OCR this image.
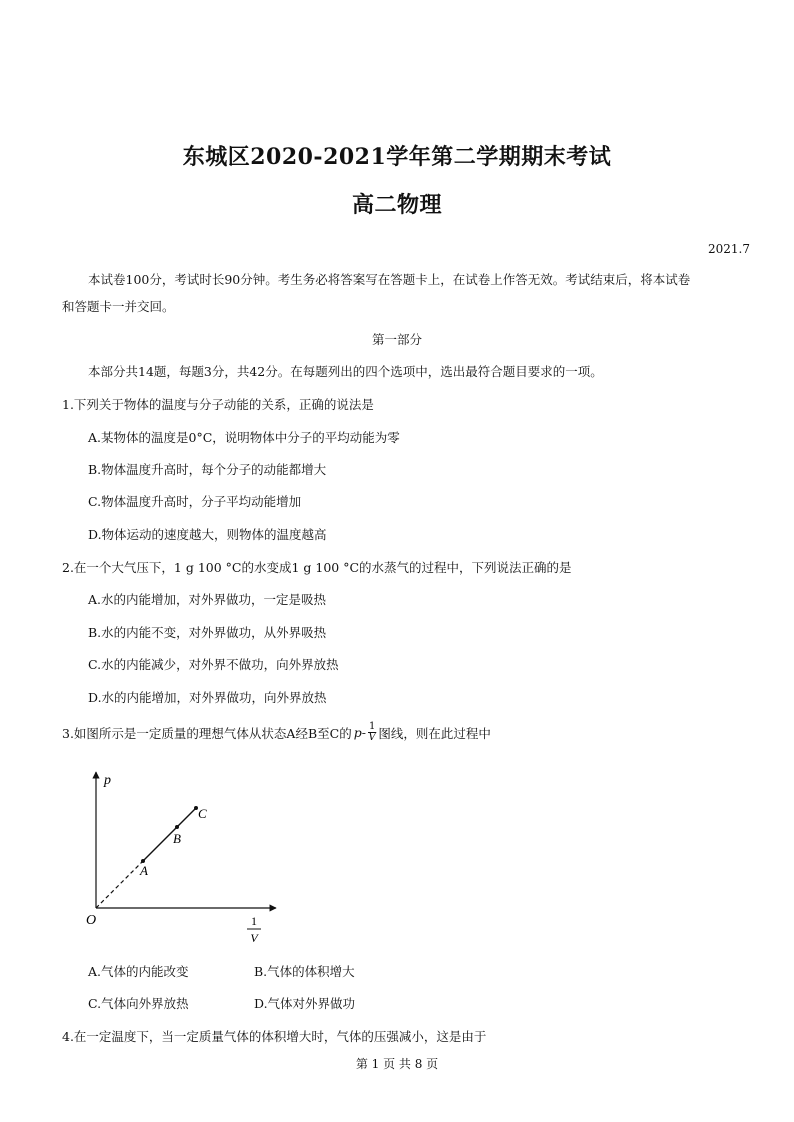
东城区2020-2021学年第二学期期末考试
高二物理
2021.7
本试卷100分，考试时长90分钟。考生务必将答案写在答题卡上，在试卷上作答无效。考试结束后，将本试卷
和答题卡一并交回。
第一部分
本部分共14题，每题3分，共42分。在每题列出的四个选项中，选出最符合题目要求的一项。
1.下列关于物体的温度与分子动能的关系，正确的说法是
A.某物体的温度是0°C，说明物体中分子的平均动能为零
B.物体温度升高时，每个分子的动能都增大
C.物体温度升高时，分子平均动能增加
D.物体运动的速度越大，则物体的温度越高
2.在一个大气压下，1 g 100 °C的水变成1 g 100 °C的水蒸气的过程中，下列说法正确的是
A.水的内能增加，对外界做功，一定是吸热
B.水的内能不变，对外界做功，从外界吸热
C.水的内能减少，对外界不做功，向外界放热
D.水的内能增加，对外界做功，向外界放热
3.如图所示是一定质量的理想气体从状态A经B至C的 $p- \frac{1}{V}$ 图线，则在此过程中
p
O
A
B
C
1
V
A.气体的内能改变	B.气体的体积增大
C.气体向外界放热	D.气体对外界做功
4.在一定温度下，当一定质量气体的体积增大时，气体的压强减小，这是由于
第 1 页 共 8 页
